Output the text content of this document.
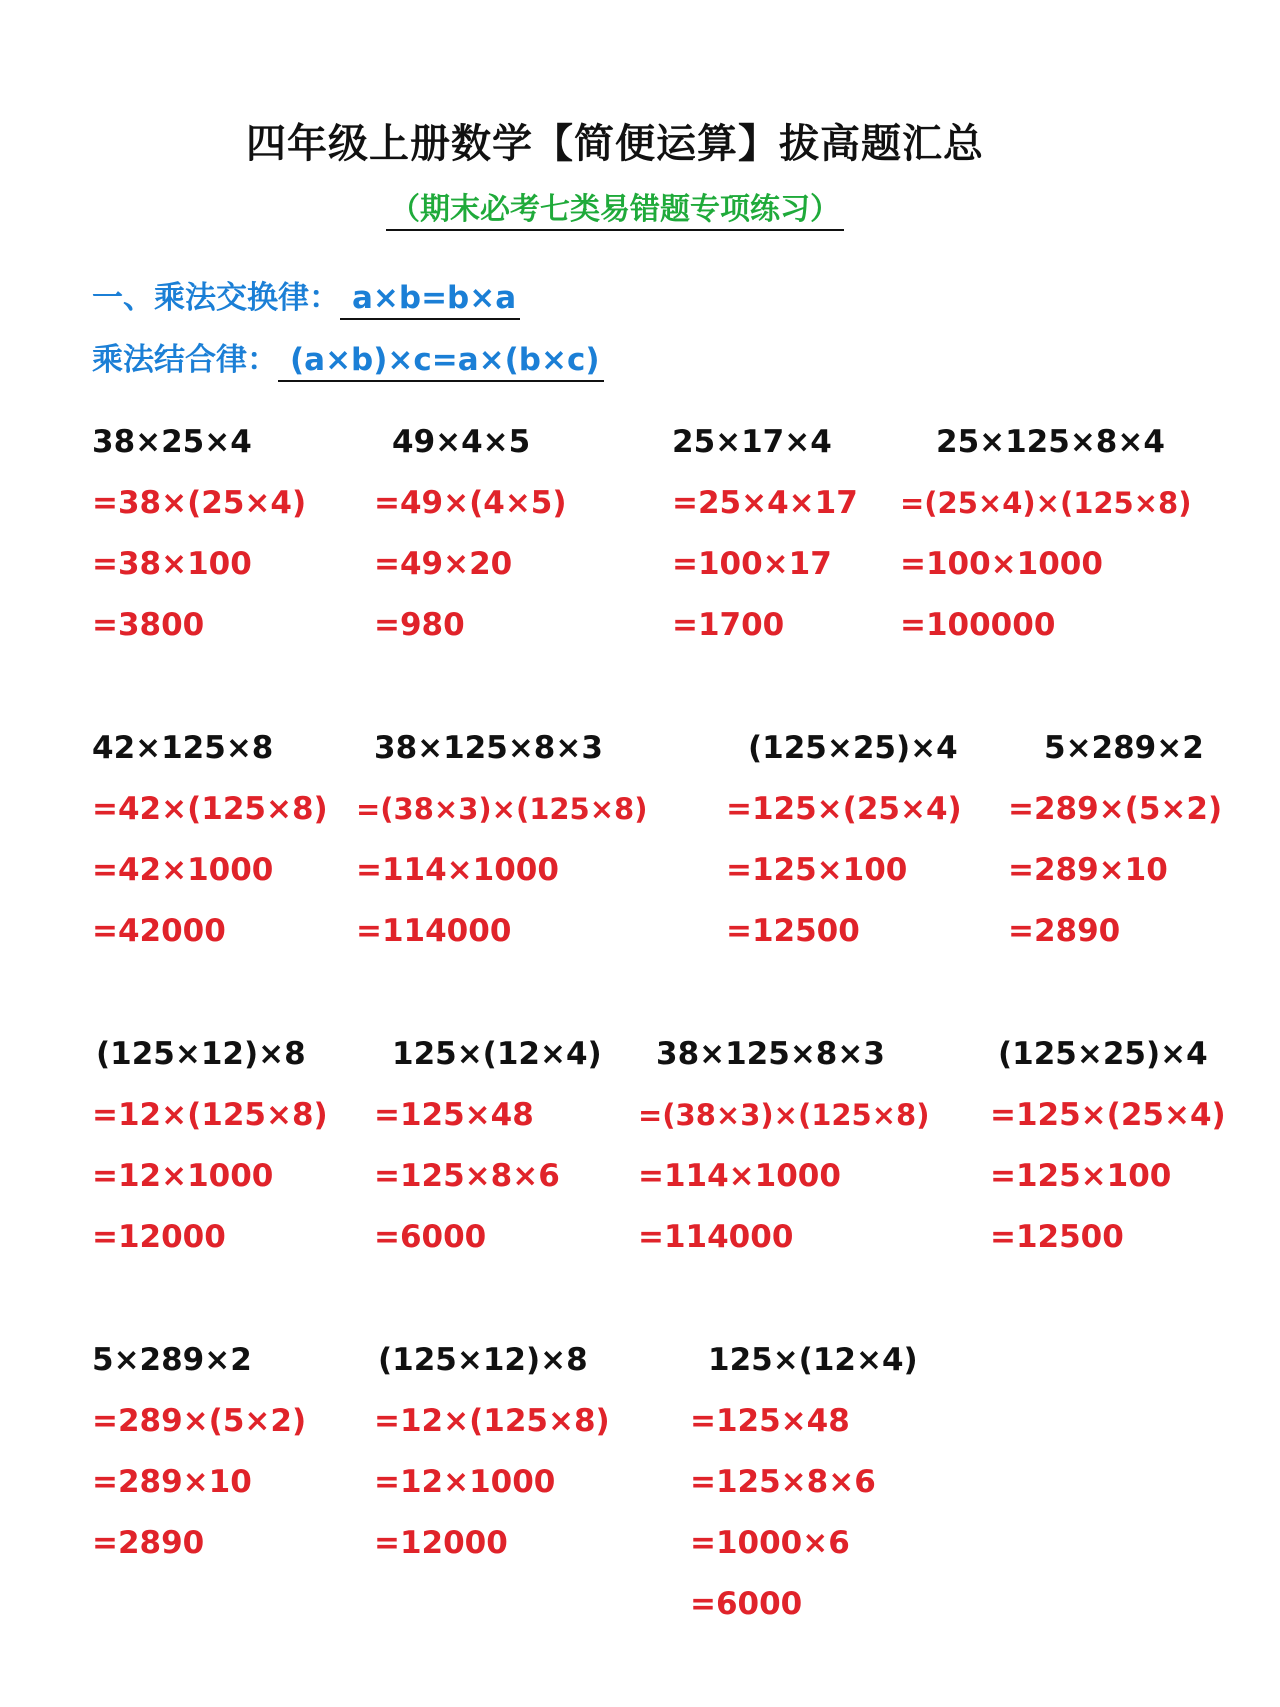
四年级上册数学【简便运算】拔高题汇总
（期末必考七类易错题专项练习）
一、乘法交换律： a×b=b×a
乘法结合律： (a×b)×c=a×(b×c)
38×25×4
=38×(25×4)
=38×100
=3800
49×4×5
=49×(4×5)
=49×20
=980
25×17×4
=25×4×17
=100×17
=1700
25×125×8×4
=(25×4)×(125×8)
=100×1000
=100000
42×125×8
=42×(125×8)
=42×1000
=42000
38×125×8×3
=(38×3)×(125×8)
=114×1000
=114000
(125×25)×4
=125×(25×4)
=125×100
=12500
5×289×2
=289×(5×2)
=289×10
=2890
(125×12)×8
=12×(125×8)
=12×1000
=12000
125×(12×4)
=125×48
=125×8×6
=6000
38×125×8×3
=(38×3)×(125×8)
=114×1000
=114000
(125×25)×4
=125×(25×4)
=125×100
=12500
5×289×2
=289×(5×2)
=289×10
=2890
(125×12)×8
=12×(125×8)
=12×1000
=12000
125×(12×4)
=125×48
=125×8×6
=1000×6
=6000
